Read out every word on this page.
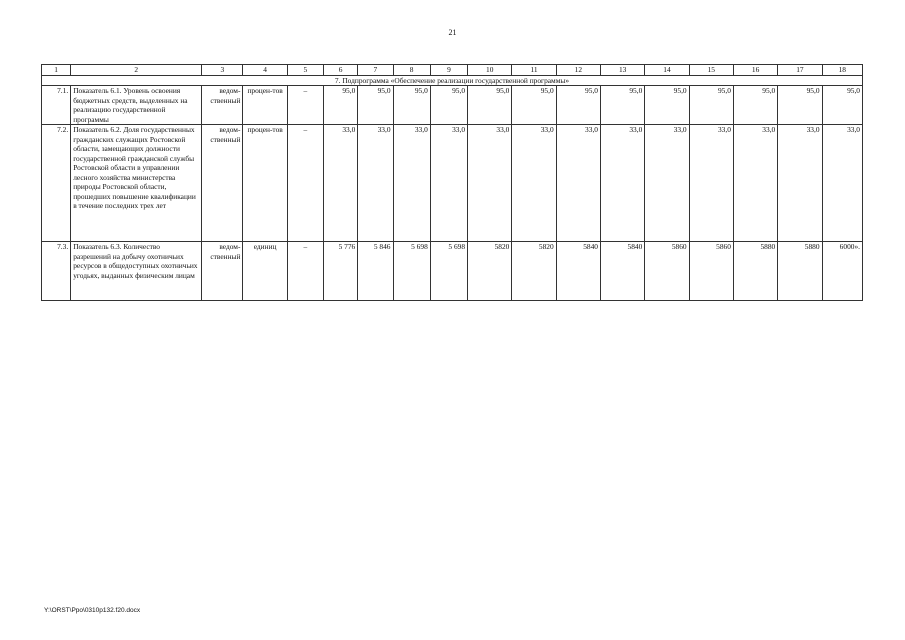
21
1	2	3	4	5	6	7	8	9	10	11	12	13	14	15	16	17	18
7. Подпрограмма «Обеспечение реализации государственной программы»																	
7.1.	Показатель 6.1. Уровень освоения бюджетных средств, выделенных на реализацию государственной программы	ведом-ственный	процен-тов	–	95,0	95,0	95,0	95,0	95,0	95,0	95,0	95,0	95,0	95,0	95,0	95,0	95,0
7.2.	Показатель 6.2. Доля государственных гражданских служащих Ростовской области, замещающих должности государственной гражданской службы Ростовской области в управлении лесного хозяйства министерства природы Ростовской области, прошедших повышение квалификации в течение последних трех лет	ведом-ственный	процен-тов	–	33,0	33,0	33,0	33,0	33,0	33,0	33,0	33,0	33,0	33,0	33,0	33,0	33,0
7.3.	Показатель 6.3. Количество разрешений на добычу охотничьих ресурсов в общедоступных охотничьих угодьях, выданных физическим лицам	ведом-ственный	единиц	–	5 776	5 846	5 698	5 698	5820	5820	5840	5840	5860	5860	5880	5880	6000».
Y:\ORST\Ppo\0310p132.f20.docx
